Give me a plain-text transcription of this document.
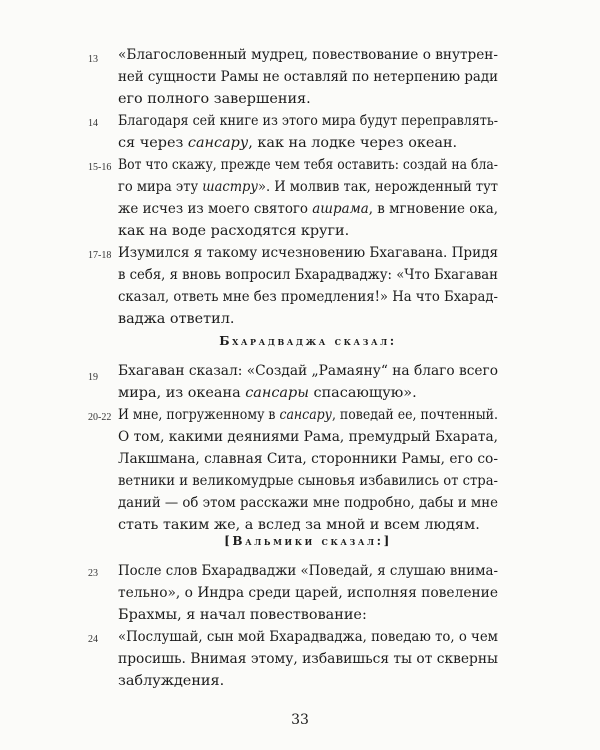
13 «Благословенный мудрец, повествование о внутрен-
ней сущности Рамы не оставляй по нетерпению ради
его полного завершения.
14 Благодаря сей книге из этого мира будут переправлять-
ся через сансару, как на лодке через океан.
15-16 Вот что скажу, прежде чем тебя оставить: создай на бла-
го мира эту шастру». И молвив так, нерожденный тут
же исчез из моего святого ашрама, в мгновение ока,
как на воде расходятся круги.
17-18 Изумился я такому исчезновению Бхагавана. Придя
в себя, я вновь вопросил Бхарадваджу: «Что Бхагаван
сказал, ответь мне без промедления!» На что Бхарад-
ваджа ответил.
Бхарадваджа сказал:
19 Бхагаван сказал: «Создай „Рамаяну“ на благо всего
мира, из океана сансары спасающую».
20-22 И мне, погруженному в сансару, поведай ее, почтенный.
О том, какими деяниями Рама, премудрый Бхарата,
Лакшмана, славная Сита, сторонники Рамы, его со-
ветники и великомудрые сыновья избавились от стра-
даний — об этом расскажи мне подробно, дабы и мне
стать таким же, а вслед за мной и всем людям.
[Вальмики сказал:]
23 После слов Бхарадваджи «Поведай, я слушаю внима-
тельно», о Индра среди царей, исполняя повеление
Брахмы, я начал повествование:
24 «Послушай, сын мой Бхарадваджа, поведаю то, о чем
просишь. Внимая этому, избавишься ты от скверны
заблуждения.
33
